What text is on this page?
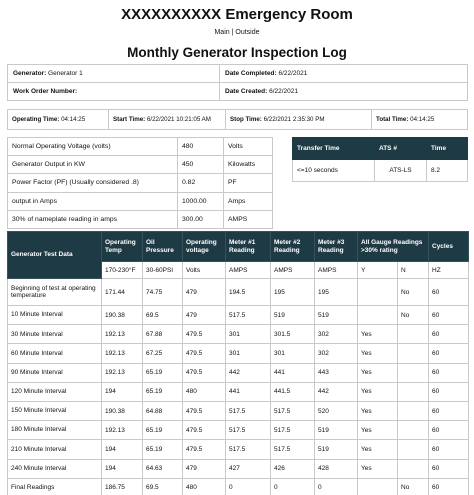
XXXXXXXXXX Emergency Room
Main | Outside
Monthly Generator Inspection Log
Generator: Generator 1	Date Completed: 6/22/2021
Work Order Number:	Date Created: 6/22/2021
Operating Time: 04:14:25	Start Time: 6/22/2021 10:21:05 AM	Stop Time: 6/22/2021 2:35:30 PM	Total Time: 04:14:25
Normal Operating Voltage (volts)	480	Volts
Generator Output in KW	450	Kilowatts
Power Factor (PF) (Usually considered .8)	0.82	PF
output in Amps	1000.00	Amps
30% of nameplate reading in amps	300.00	AMPS
Transfer Time	ATS #	Time
<=10 seconds	ATS-LS	8.2
Generator Test Data	Operating Temp	Oil Pressure	Operating voltage	Meter #1 Reading	Meter #2 Reading	Meter #3 Reading	All Gauge Readings >30% rating		Cycles
	170-230°F	30-60PSI	Volts	AMPS	AMPS	AMPS	Y	N	HZ
Beginning of test at operating temperature	171.44	74.75	479	194.5	195	195		No	60
10 Minute Interval	190.38	69.5	479	517.5	519	519		No	60
30 Minute Interval	192.13	67.88	479.5	301	301.5	302	Yes		60
60 Minute Interval	192.13	67.25	479.5	301	301	302	Yes		60
90 Minute Interval	192.13	65.19	479.5	442	441	443	Yes		60
120 Minute Interval	194	65.19	480	441	441.5	442	Yes		60
150 Minute Interval	190.38	64.88	479.5	517.5	517.5	520	Yes		60
180 Minute Interval	192.13	65.19	479.5	517.5	517.5	519	Yes		60
210 Minute Interval	194	65.19	479.5	517.5	517.5	519	Yes		60
240 Minute Interval	194	64.63	479	427	426	428	Yes		60
Final Readings	186.75	69.5	480	0	0	0		No	60
